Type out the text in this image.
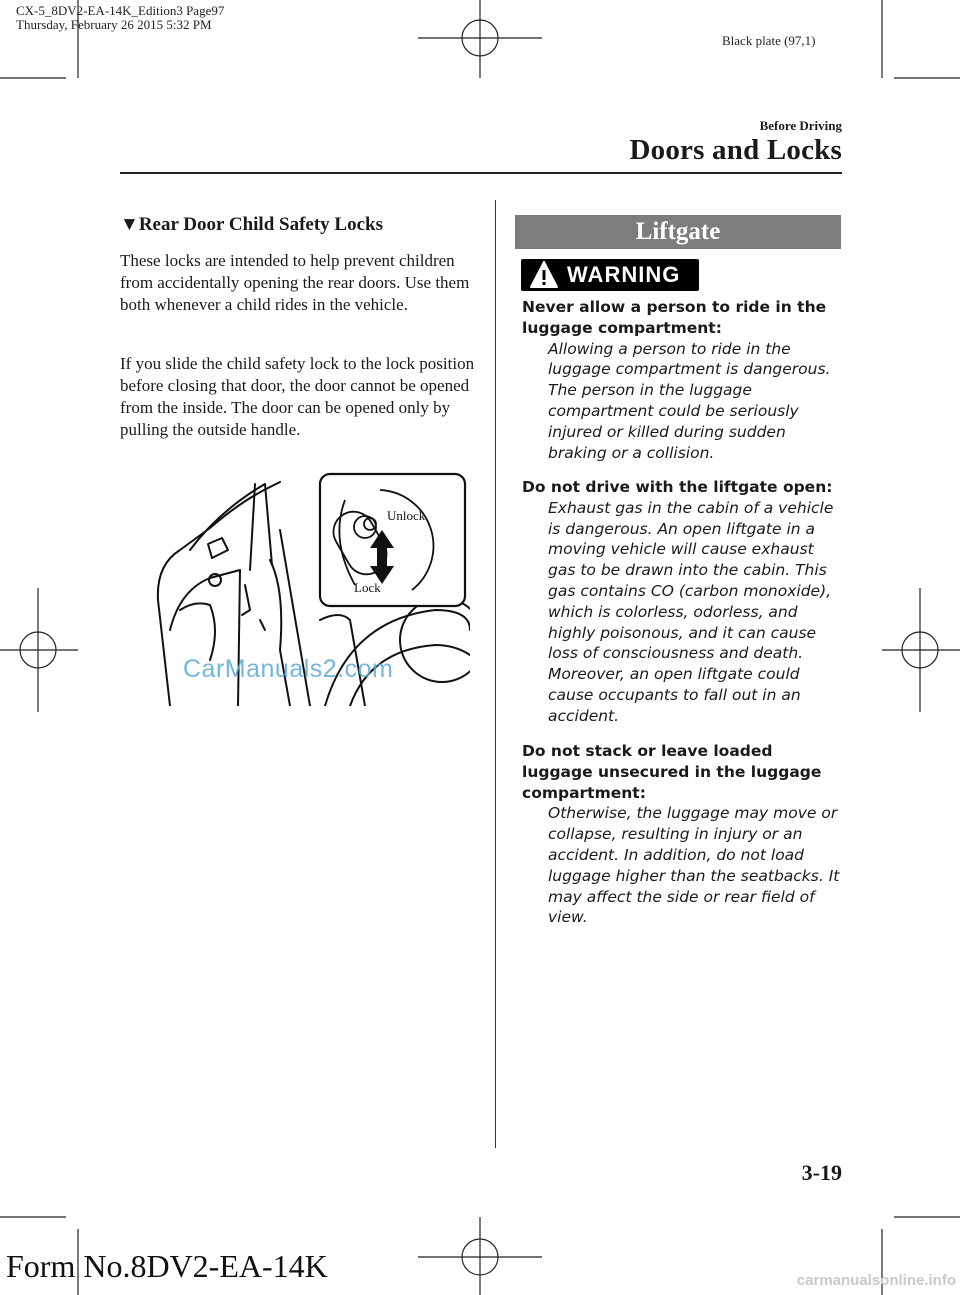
CX-5_8DV2-EA-14K_Edition3 Page97
Thursday, February 26 2015 5:32 PM
Black plate (97,1)
Before Driving
Doors and Locks
▼Rear Door Child Safety Locks
These locks are intended to help prevent children from accidentally opening the rear doors. Use them both whenever a child rides in the vehicle.
If you slide the child safety lock to the lock position before closing that door, the door cannot be opened from the inside. The door can be opened only by pulling the outside handle.
Unlock
Lock
CarManuals2.com
Liftgate
WARNING
Never allow a person to ride in the luggage compartment:
Allowing a person to ride in the luggage compartment is dangerous. The person in the luggage compartment could be seriously injured or killed during sudden braking or a collision.
Do not drive with the liftgate open:
Exhaust gas in the cabin of a vehicle is dangerous. An open liftgate in a moving vehicle will cause exhaust gas to be drawn into the cabin. This gas contains CO (carbon monoxide), which is colorless, odorless, and highly poisonous, and it can cause loss of consciousness and death. Moreover, an open liftgate could cause occupants to fall out in an accident.
Do not stack or leave loaded luggage unsecured in the luggage compartment:
Otherwise, the luggage may move or collapse, resulting in injury or an accident. In addition, do not load luggage higher than the seatbacks. It may affect the side or rear field of view.
3-19
Form No.8DV2-EA-14K	carmanualsonline.info
